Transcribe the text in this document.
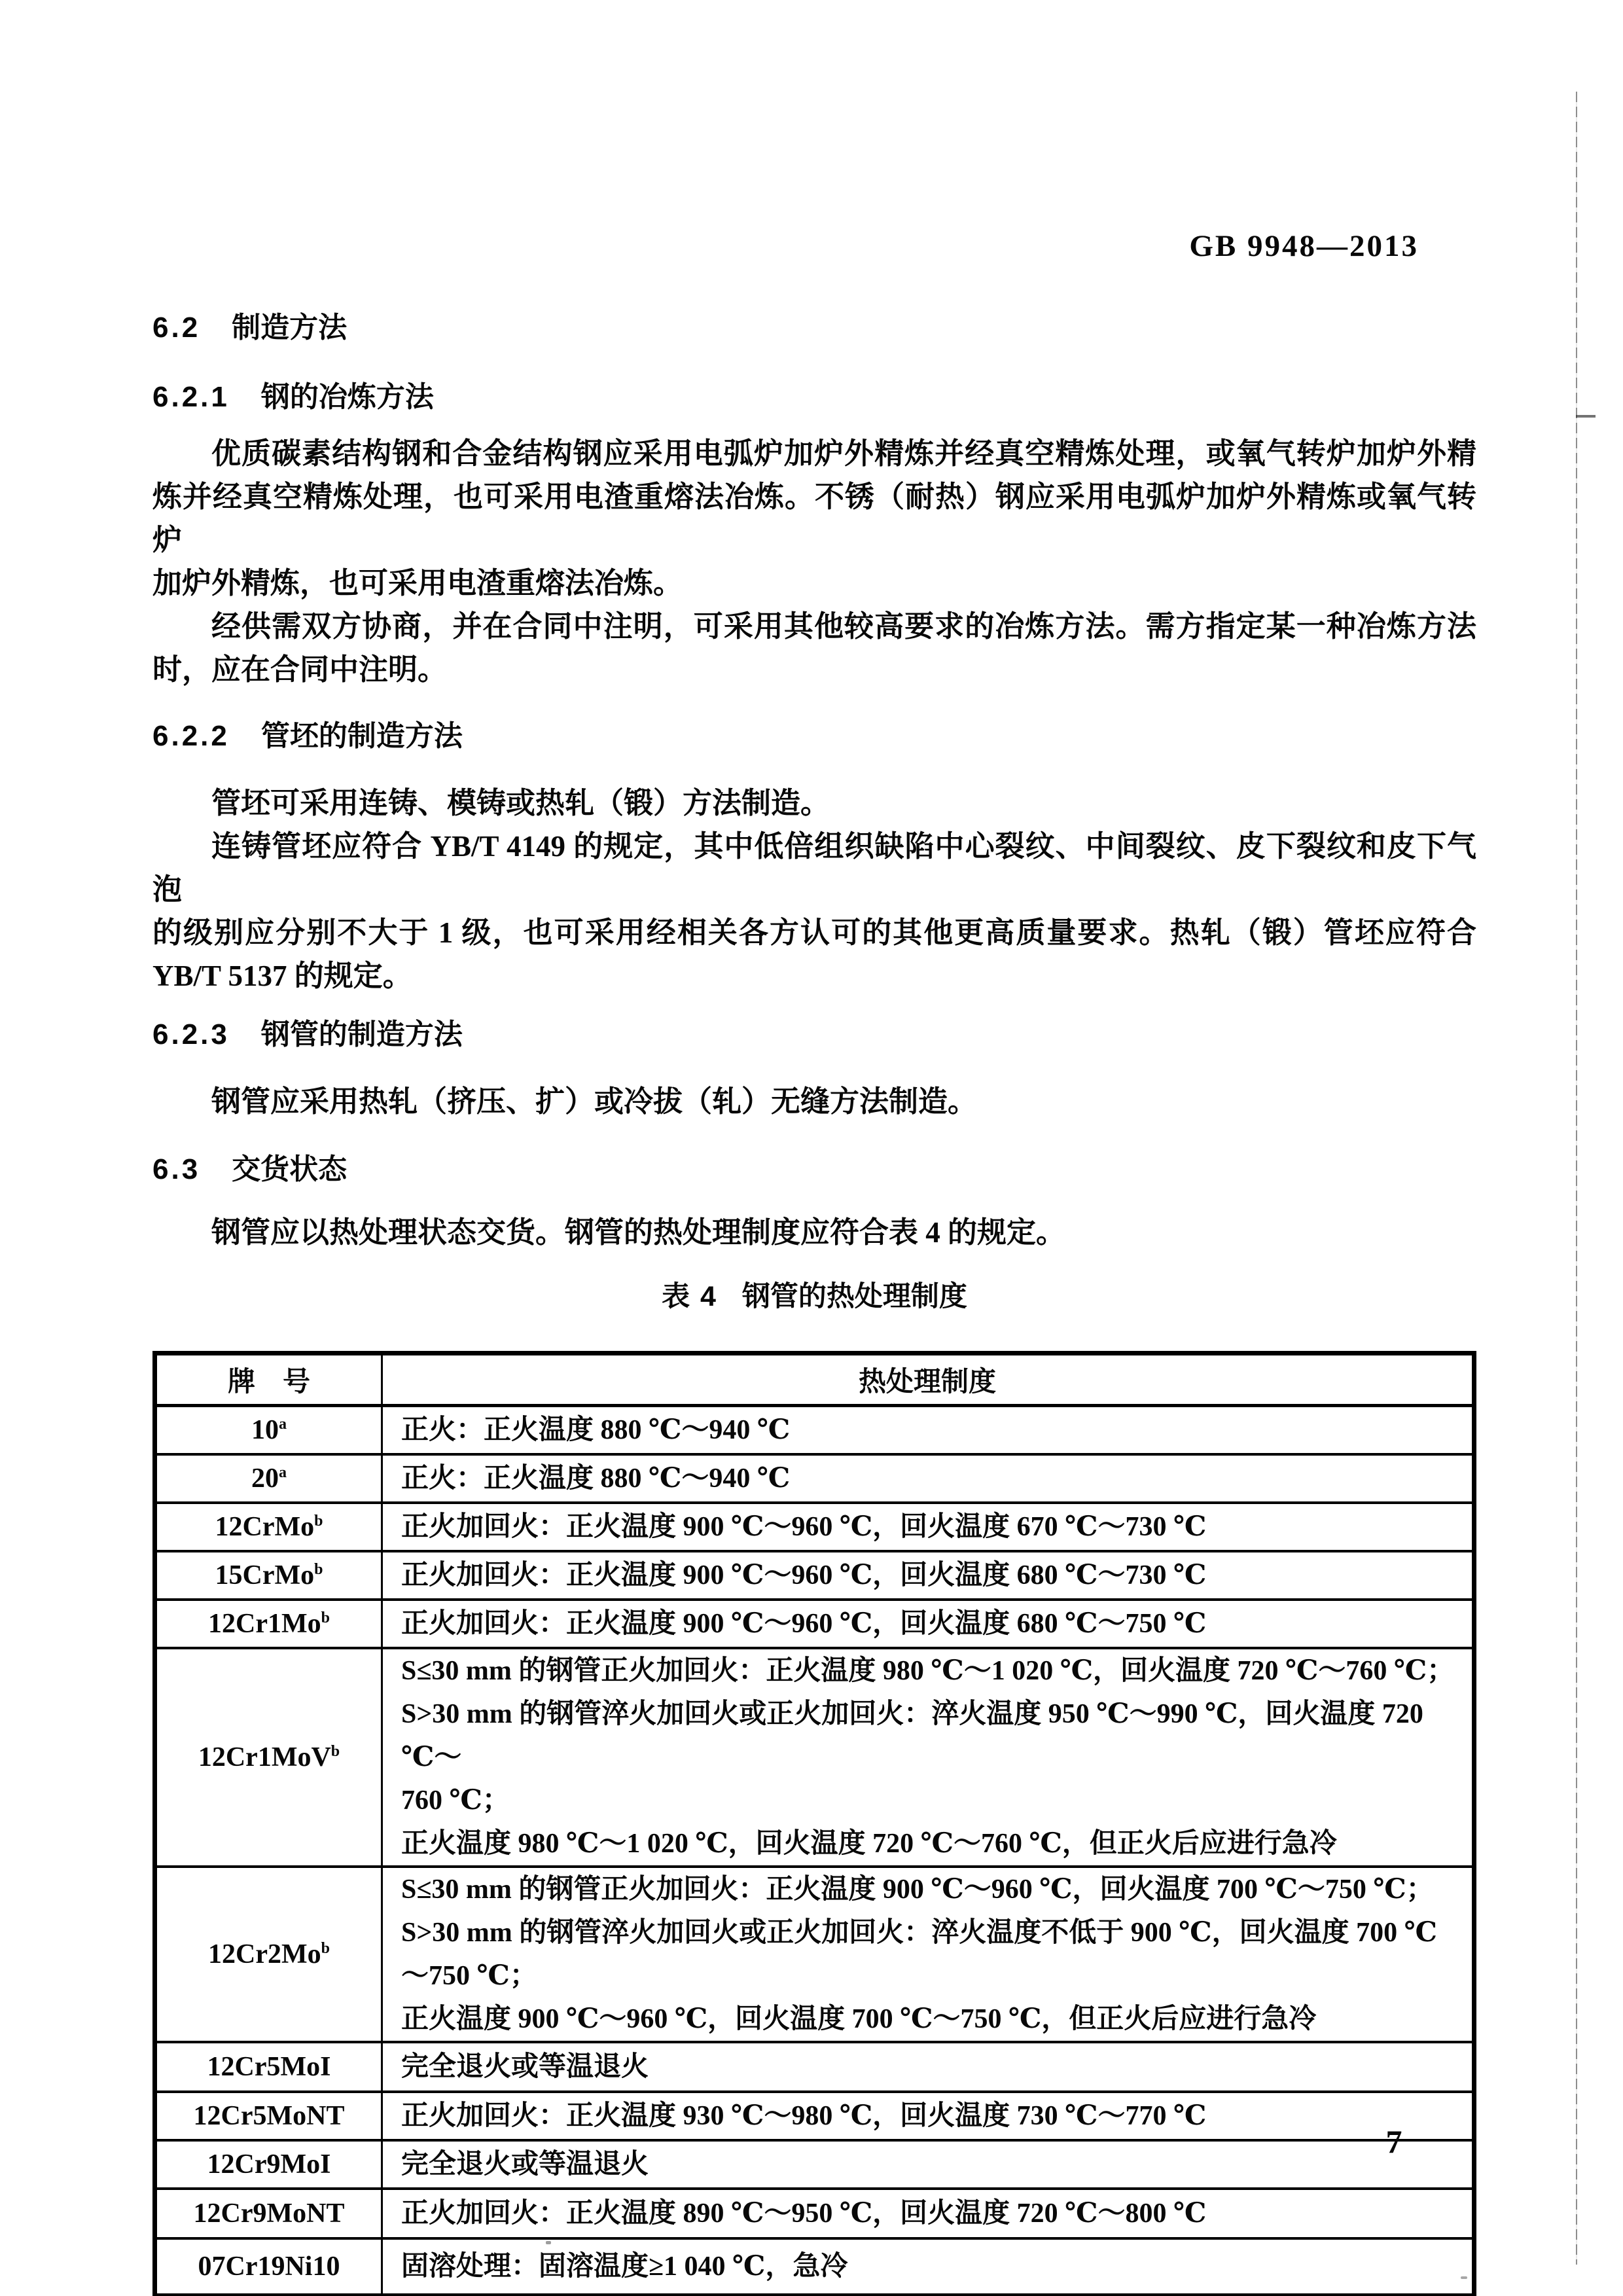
GB 9948—2013
6.2 制造方法
6.2.1 钢的冶炼方法
优质碳素结构钢和合金结构钢应采用电弧炉加炉外精炼并经真空精炼处理，或氧气转炉加炉外精
炼并经真空精炼处理，也可采用电渣重熔法冶炼。不锈（耐热）钢应采用电弧炉加炉外精炼或氧气转炉
加炉外精炼，也可采用电渣重熔法冶炼。
经供需双方协商，并在合同中注明，可采用其他较高要求的冶炼方法。需方指定某一种冶炼方法
时，应在合同中注明。
6.2.2 管坯的制造方法
管坯可采用连铸、模铸或热轧（锻）方法制造。
连铸管坯应符合 YB/T 4149 的规定，其中低倍组织缺陷中心裂纹、中间裂纹、皮下裂纹和皮下气泡
的级别应分别不大于 1 级，也可采用经相关各方认可的其他更高质量要求。热轧（锻）管坯应符合
YB/T 5137 的规定。
6.2.3 钢管的制造方法
钢管应采用热轧（挤压、扩）或冷拔（轧）无缝方法制造。
6.3 交货状态
钢管应以热处理状态交货。钢管的热处理制度应符合表 4 的规定。
表 4 钢管的热处理制度
牌　号	热处理制度
10$^a$	正火：正火温度 880 ℃～940 ℃

20$^a$	正火：正火温度 880 ℃～940 ℃

12CrMo$^b$	正火加回火：正火温度 900 ℃～960 ℃，回火温度 670 ℃～730 ℃

15CrMo$^b$	正火加回火：正火温度 900 ℃～960 ℃，回火温度 680 ℃～730 ℃

12Cr1Mo$^b$	正火加回火：正火温度 900 ℃～960 ℃，回火温度 680 ℃～750 ℃

12Cr1MoV$^b$	S≤30 mm 的钢管正火加回火：正火温度 980 ℃～1 020 ℃，回火温度 720 ℃～760 ℃；
S>30 mm 的钢管淬火加回火或正火加回火：淬火温度 950 ℃～990 ℃，回火温度 720 ℃～
760 ℃；
正火温度 980 ℃～1 020 ℃，回火温度 720 ℃～760 ℃，但正火后应进行急冷

12Cr2Mo$^b$	S≤30 mm 的钢管正火加回火：正火温度 900 ℃～960 ℃，回火温度 700 ℃～750 ℃；
S>30 mm 的钢管淬火加回火或正火加回火：淬火温度不低于 900 ℃，回火温度 700 ℃～750 ℃；
正火温度 900 ℃～960 ℃，回火温度 700 ℃～750 ℃，但正火后应进行急冷

12Cr5MoI	完全退火或等温退火

12Cr5MoNT	正火加回火：正火温度 930 ℃～980 ℃，回火温度 730 ℃～770 ℃

12Cr9MoI	完全退火或等温退火

12Cr9MoNT	正火加回火：正火温度 890 ℃～950 ℃，回火温度 720 ℃～800 ℃

07Cr19Ni10	固溶处理：固溶温度≥1 040 ℃，急冷
7
